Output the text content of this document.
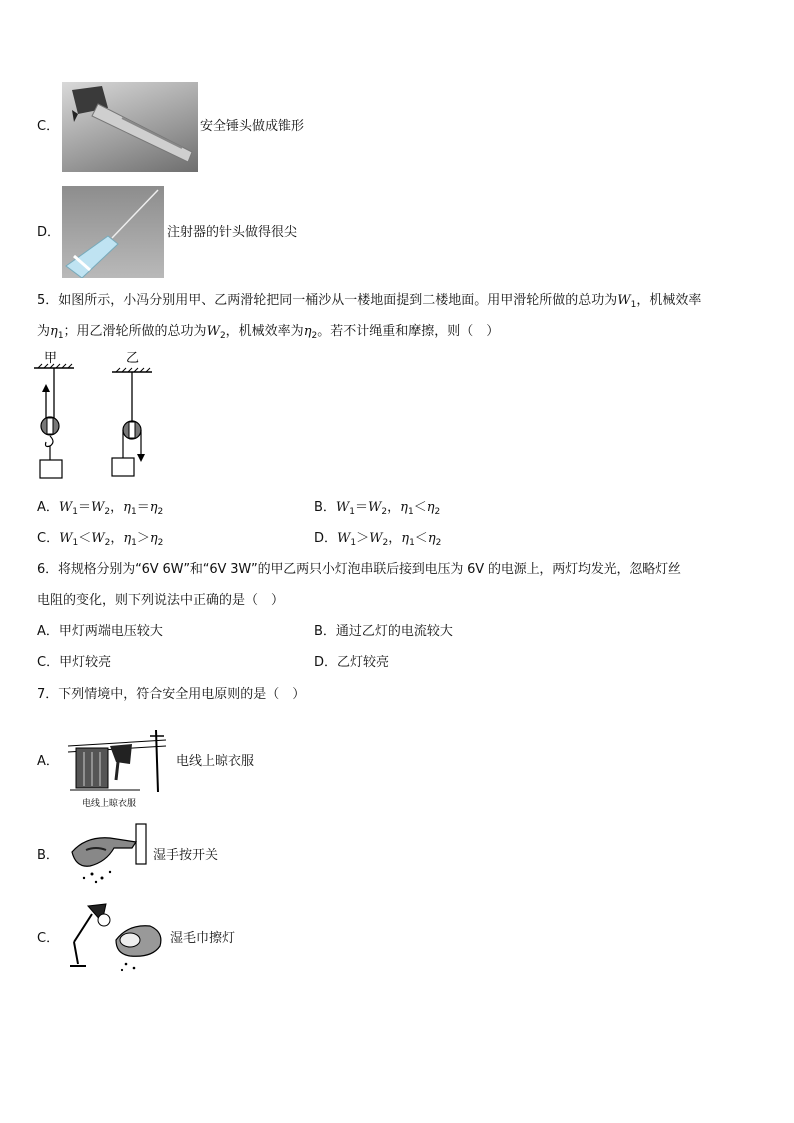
C．	安全锤头做成锥形
D．	注射器的针头做得很尖
5．如图所示，小冯分别用甲、乙两滑轮把同一桶沙从一楼地面提到二楼地面。用甲滑轮所做的总功为$W_1$，机械效率
为$\eta_1$；用乙滑轮所做的总功为$W_2$，机械效率为$\eta_2$。若不计绳重和摩擦，则（　）
甲	乙
A．$W_1=W_2$，$\eta_1=\eta_2$	B．$W_1=W_2$，$\eta_1<\eta_2$
C．$W_1<W_2$，$\eta_1>\eta_2$	D．$W_1>W_2$，$\eta_1<\eta_2$
6．将规格分别为“6V 6W”和“6V 3W”的甲乙两只小灯泡串联后接到电压为 6V 的电源上，两灯均发光，忽略灯丝
电阻的变化，则下列说法中正确的是（　）
A．甲灯两端电压较大	B．通过乙灯的电流较大
C．甲灯较亮	D．乙灯较亮
7．下列情境中，符合安全用电原则的是（　）
A．
电线上晾衣服
电线上晾衣服
B．	湿手按开关
C．	湿毛巾擦灯
